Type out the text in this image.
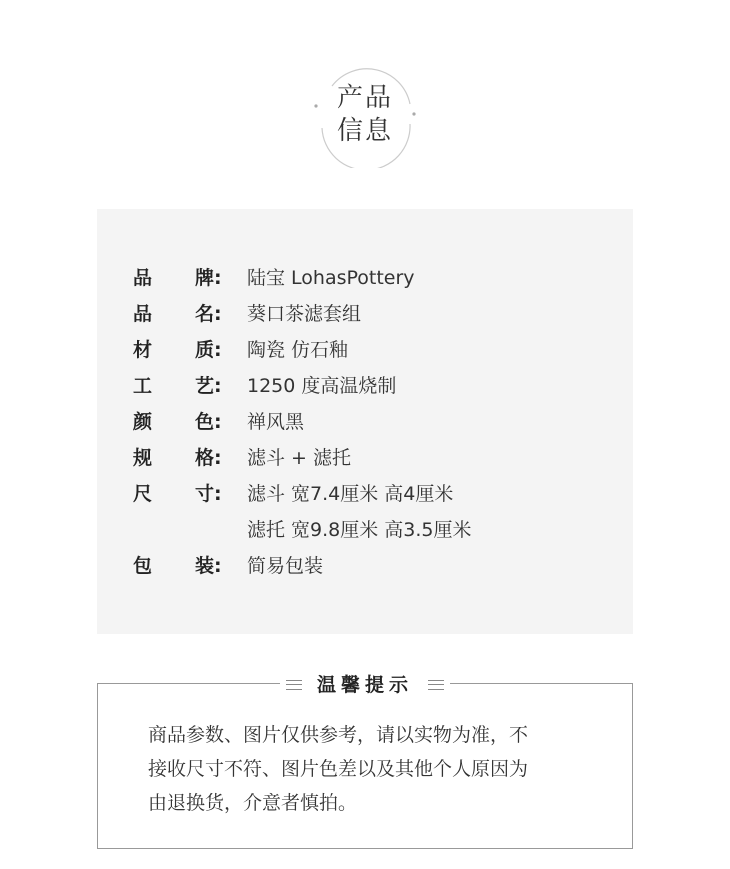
产品
信息
品 牌: 陆宝 LohasPottery
品 名: 葵口茶滤套组
材 质: 陶瓷 仿石釉
工 艺: 1250 度高温烧制
颜 色: 禅风黑
规 格: 滤斗 + 滤托
尺 寸: 滤斗 宽7.4厘米 高4厘米
滤托 宽9.8厘米 高3.5厘米
包 装: 简易包装
温馨提示
商品参数、图片仅供参考，请以实物为准，不
接收尺寸不符、图片色差以及其他个人原因为
由退换货，介意者慎拍。
